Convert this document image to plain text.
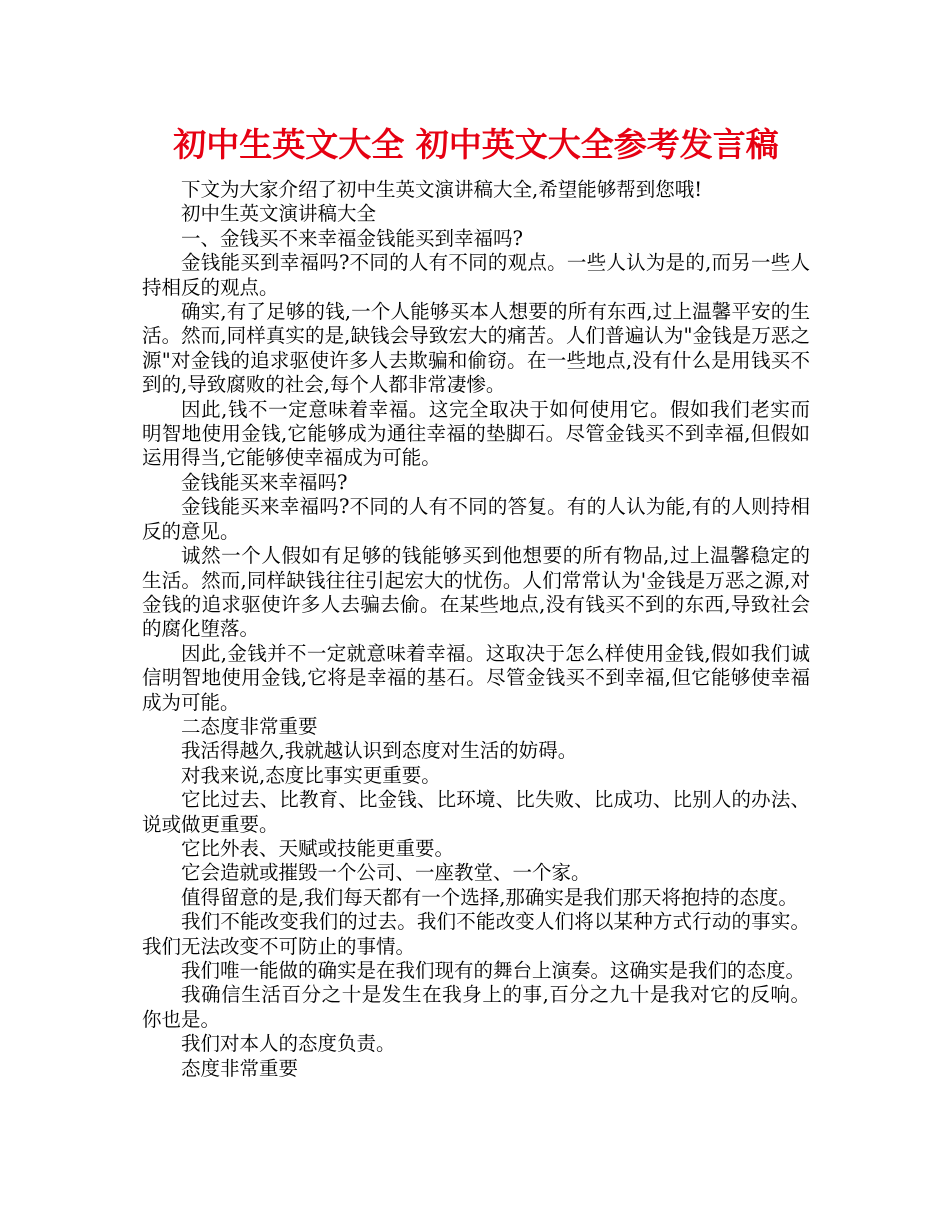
初中生英文大全 初中英文大全参考发言稿

下文为大家介绍了初中生英文演讲稿大全,希望能够帮到您哦!

初中生英文演讲稿大全

一、金钱买不来幸福金钱能买到幸福吗?

金钱能买到幸福吗?不同的人有不同的观点。一些人认为是的,而另一些人持相反的观点。

确实,有了足够的钱,一个人能够买本人想要的所有东西,过上温馨平安的生活。然而,同样真实的是,缺钱会导致宏大的痛苦。人们普遍认为"金钱是万恶之源"对金钱的追求驱使许多人去欺骗和偷窃。在一些地点,没有什么是用钱买不到的,导致腐败的社会,每个人都非常凄惨。

因此,钱不一定意味着幸福。这完全取决于如何使用它。假如我们老实而明智地使用金钱,它能够成为通往幸福的垫脚石。尽管金钱买不到幸福,但假如运用得当,它能够使幸福成为可能。

金钱能买来幸福吗?

金钱能买来幸福吗?不同的人有不同的答复。有的人认为能,有的人则持相反的意见。

诚然一个人假如有足够的钱能够买到他想要的所有物品,过上温馨稳定的生活。然而,同样缺钱往往引起宏大的忧伤。人们常常认为'金钱是万恶之源,对金钱的追求驱使许多人去骗去偷。在某些地点,没有钱买不到的东西,导致社会的腐化堕落。

因此,金钱并不一定就意味着幸福。这取决于怎么样使用金钱,假如我们诚信明智地使用金钱,它将是幸福的基石。尽管金钱买不到幸福,但它能够使幸福成为可能。

二态度非常重要

我活得越久,我就越认识到态度对生活的妨碍。

对我来说,态度比事实更重要。

它比过去、比教育、比金钱、比环境、比失败、比成功、比别人的办法、说或做更重要。

它比外表、天赋或技能更重要。

它会造就或摧毁一个公司、一座教堂、一个家。

值得留意的是,我们每天都有一个选择,那确实是我们那天将抱持的态度。

我们不能改变我们的过去。我们不能改变人们将以某种方式行动的事实。我们无法改变不可防止的事情。

我们唯一能做的确实是在我们现有的舞台上演奏。这确实是我们的态度。

我确信生活百分之十是发生在我身上的事,百分之九十是我对它的反响。你也是。

我们对本人的态度负责。

态度非常重要
